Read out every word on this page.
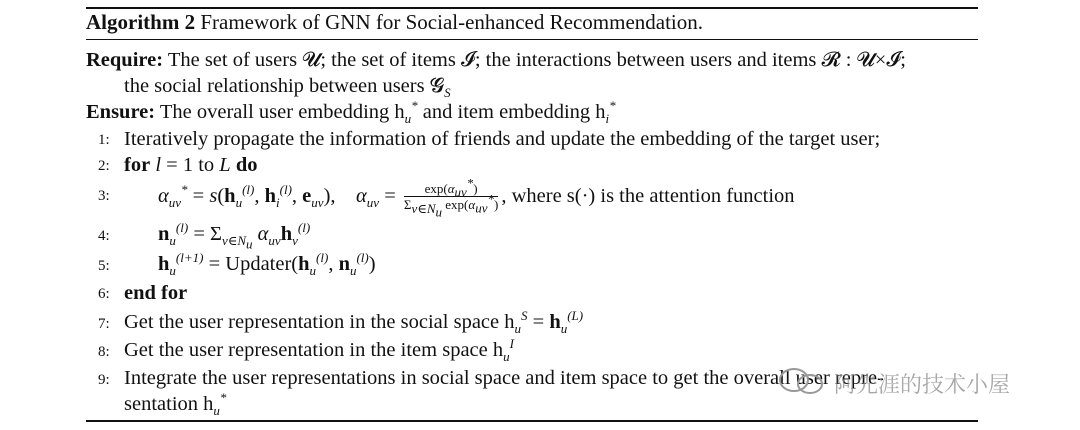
Algorithm 2 Framework of GNN for Social-enhanced Recommendation.
Require: The set of users 𝓤; the set of items 𝓘; the interactions between users and items 𝓡 : 𝓤×𝓘;
the social relationship between users 𝓖$_S$
Ensure: The overall user embedding $h_u^*$ and item embedding $h_i^*$
1: Iteratively propagate the information of friends and update the embedding of the target user;
2: for l = 1 to L do
3: $\alpha_{uv}^* = s(h_u^{(l)}$, $h_i^{(l)}$, $e_{uv}$),    $\alpha_{uv} = \frac{\exp(\alpha_{uv}^*)}{\Sigma_{v\in N_u} \exp(\alpha_{uv}^*)}$ , where s(·) is the attention function
4: $n_u^{(l)} = \Sigma_{v\in N_u}$ $\alpha_{uv}h_v^{(l)}$
5: $h_u^{(l+1)}$ = $Updater(h_u^{(l)}$, $n_u^{(l)}$)
6: end for
7: Get the user representation in the social space $h_u^S = h_u^{(L)}$
8: Get the user representation in the item space $h_u^I$
9: Integrate the user representations in social space and item space to get the overall user repre-
sentation $h_u^*$	阿先涯的技术小屋
